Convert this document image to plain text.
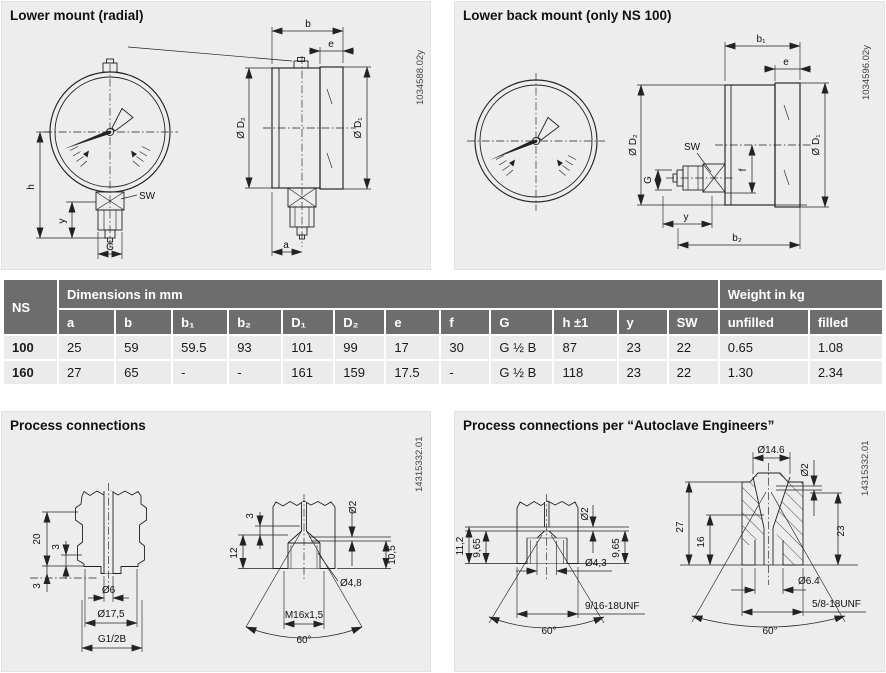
Lower mount (radial)
h
y
G
SW
b
e
Ø D₂	Ø D₁
a
1034588.02y
Lower back mount (only NS 100)
SW
G
f
y
b₂
b₁
e
Ø D₂	Ø D₁
1034596.02y
NS	Dimensions in mm												Weight in kg	
	a	b	b₁	b₂	D₁	D₂	e	f	G	h ±1	y	SW	unfilled	filled
100	25	59	59.5	93	101	99	17	30	G ½ B	87	23	22	0.65	1.08
160	27	65	-	-	161	159	17.5	-	G ½ B	118	23	22	1.30	2.34
Process connections
20
3
3	Ø6
Ø17,5
G1/2B	60°
3
12
Ø2
10,5
Ø4,8
M16x1,5
14315332.01
Process connections per “Autoclave Engineers”
60°
11,2 9,65	9,65
Ø2
Ø4,3
9/16-18UNF
60°
Ø14.6
Ø2
27
16
23
Ø6.4
5/8-18UNF
14315332.01
